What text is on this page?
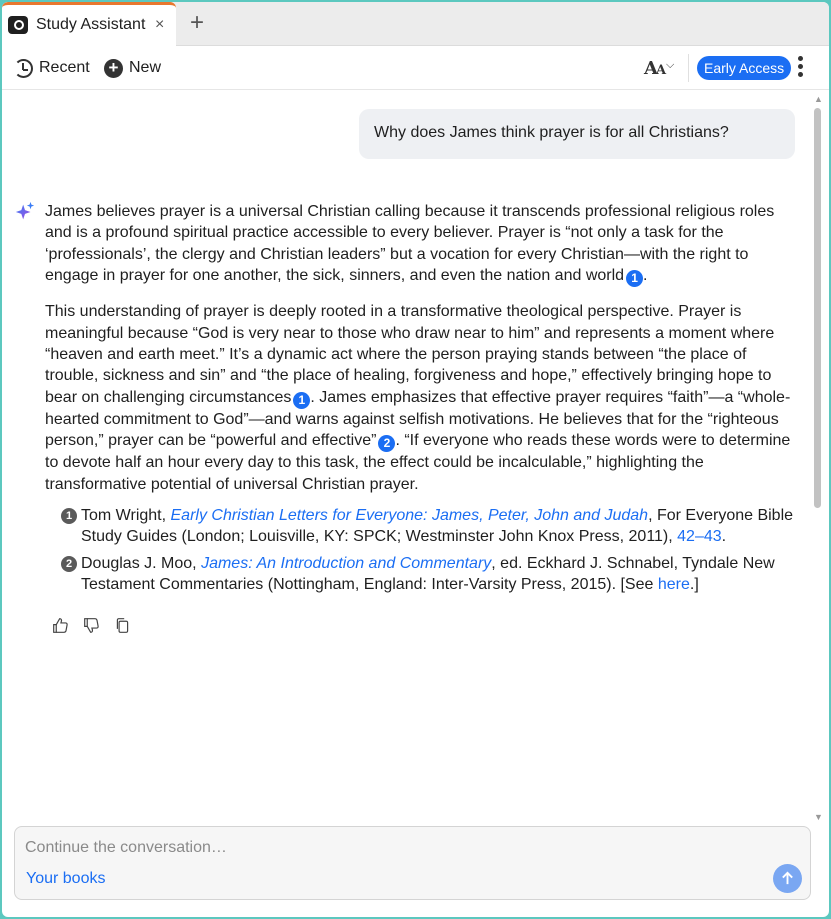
Study Assistant × +
Recent + New	AA ⌵	Early Access
▲
▼
Why does James think prayer is for all Christians?

James believes prayer is a universal Christian calling because it transcends professional religious roles and is a profound spiritual practice accessible to every believer. Prayer is “not only a task for the ‘professionals’, the clergy and Christian leaders” but a vocation for every Christian—with the right to engage in prayer for one another, the sick, sinners, and even the nation and world 1 .

This understanding of prayer is deeply rooted in a transformative theological perspective. Prayer is meaningful because “God is very near to those who draw near to him” and represents a moment where “heaven and earth meet.” It’s a dynamic act where the person praying stands between “the place of trouble, sickness and sin” and “the place of healing, forgiveness and hope,” effectively bringing hope to bear on challenging circumstances 1 . James emphasizes that effective prayer requires “faith”—a “whole-hearted commitment to God”—and warns against selfish motivations. He believes that for the “righteous person,” prayer can be “powerful and effective” 2 . “If everyone who reads these words were to determine to devote half an hour every day to this task, the effect could be incalculable,” highlighting the transformative potential of universal Christian prayer.

1 Tom Wright, Early Christian Letters for Everyone: James, Peter, John and Judah, For Everyone Bible Study Guides (London; Louisville, KY: SPCK; Westminster John Knox Press, 2011), 42–43.
2 Douglas J. Moo, James: An Introduction and Commentary, ed. Eckhard J. Schnabel, Tyndale New Testament Commentaries (Nottingham, England: Inter-Varsity Press, 2015). [See here.]
Continue the conversation…
Your books
